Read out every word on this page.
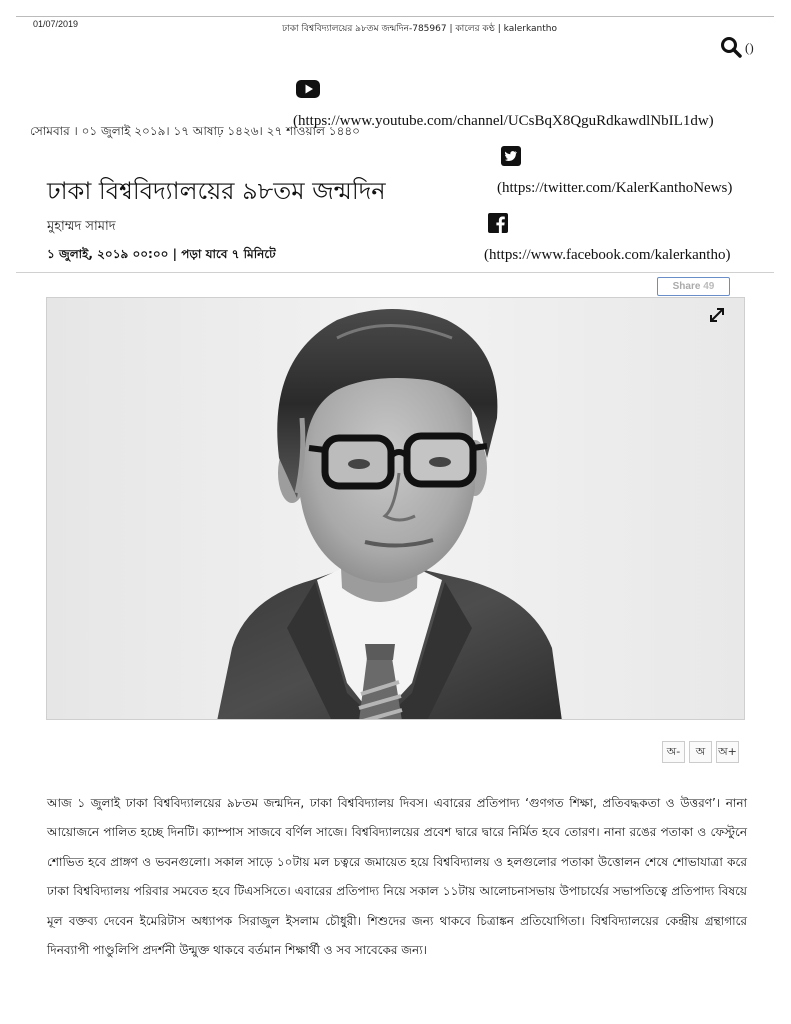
01/07/2019	ঢাকা বিশ্ববিদ্যালয়ের ৯৮তম জন্মদিন-785967 | কালের কণ্ঠ | kalerkantho
()
(https://www.youtube.com/channel/UCsBqX8QguRdkawdlNbIL1dw)
সোমবার । ০১ জুলাই ২০১৯। ১৭ আষাঢ় ১৪২৬। ২৭ শাওয়াল ১৪৪০
(https://twitter.com/KalerKanthoNews)
(https://www.facebook.com/kalerkantho)
ঢাকা বিশ্ববিদ্যালয়ের ৯৮তম জন্মদিন
মুহাম্মদ সামাদ
১ জুলাই, ২০১৯ ০০:০০ | পড়া যাবে ৭ মিনিটে
Share 49
অ-	অ	অ+

আজ ১ জুলাই ঢাকা বিশ্ববিদ্যালয়ের ৯৮তম জন্মদিন, ঢাকা বিশ্ববিদ্যালয় দিবস। এবারের প্রতিপাদ্য ‘গুণগত শিক্ষা, প্রতিবদ্ধকতা ও উত্তরণ’। নানা আয়োজনে পালিত হচ্ছে দিনটি। ক্যাম্পাস সাজবে বর্ণিল সাজে। বিশ্ববিদ্যালয়ের প্রবেশ দ্বারে দ্বারে নির্মিত হবে তোরণ। নানা রঙের পতাকা ও ফেস্টুনে শোভিত হবে প্রাঙ্গণ ও ভবনগুলো। সকাল সাড়ে ১০টায় মল চত্বরে জমায়েত হয়ে বিশ্ববিদ্যালয় ও হলগুলোর পতাকা উত্তোলন শেষে শোভাযাত্রা করে ঢাকা বিশ্ববিদ্যালয় পরিবার সমবেত হবে টিএসসিতে। এবারের প্রতিপাদ্য নিয়ে সকাল ১১টায় আলোচনাসভায় উপাচার্যের সভাপতিত্বে প্রতিপাদ্য বিষয়ে মূল বক্তব্য দেবেন ইমেরিটাস অধ্যাপক সিরাজুল ইসলাম চৌধুরী। শিশুদের জন্য থাকবে চিত্রাঙ্কন প্রতিযোগিতা। বিশ্ববিদ্যালয়ের কেন্দ্রীয় গ্রন্থাগারে দিনব্যাপী পাণ্ডুলিপি প্রদর্শনী উন্মুক্ত থাকবে বর্তমান শিক্ষার্থী ও সব সাবেকের জন্য।
